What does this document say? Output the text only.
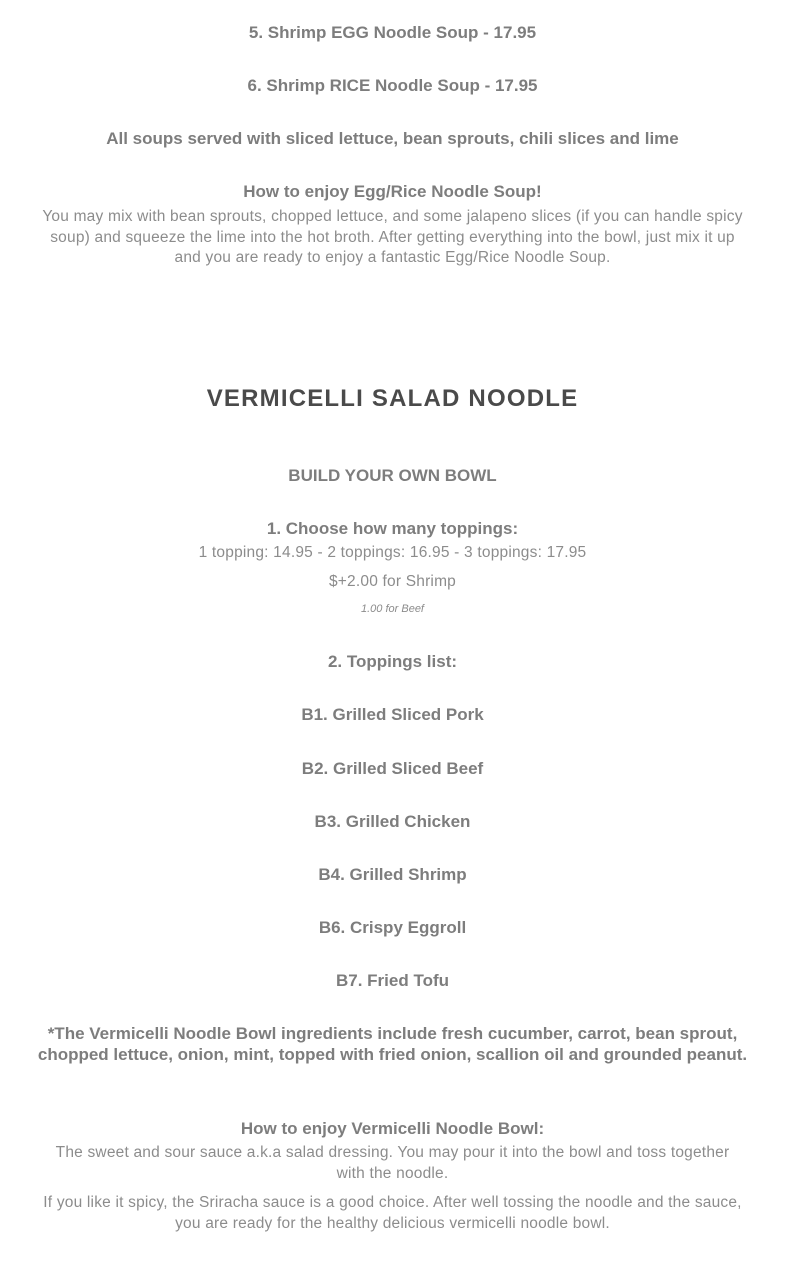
5. Shrimp EGG Noodle Soup - 17.95

6. Shrimp RICE Noodle Soup - 17.95

All soups served with sliced lettuce, bean sprouts, chili slices and lime

How to enjoy Egg/Rice Noodle Soup!

You may mix with bean sprouts, chopped lettuce, and some jalapeno slices (if you can handle spicy soup) and squeeze the lime into the hot broth. After getting everything into the bowl, just mix it up and you are ready to enjoy a fantastic Egg/Rice Noodle Soup.

VERMICELLI SALAD NOODLE

BUILD YOUR OWN BOWL

1. Choose how many toppings:

1 topping: 14.95 - 2 toppings: 16.95 - 3 toppings: 17.95

$+2.00 for Shrimp

1.00 for Beef

2. Toppings list:

B1. Grilled Sliced Pork

B2. Grilled Sliced Beef

B3. Grilled Chicken

B4. Grilled Shrimp

B6. Crispy Eggroll

B7. Fried Tofu

*The Vermicelli Noodle Bowl ingredients include fresh cucumber, carrot, bean sprout, chopped lettuce, onion, mint, topped with fried onion, scallion oil and grounded peanut.

How to enjoy Vermicelli Noodle Bowl:

The sweet and sour sauce a.k.a salad dressing. You may pour it into the bowl and toss together with the noodle.

If you like it spicy, the Sriracha sauce is a good choice. After well tossing the noodle and the sauce, you are ready for the healthy delicious vermicelli noodle bowl.
